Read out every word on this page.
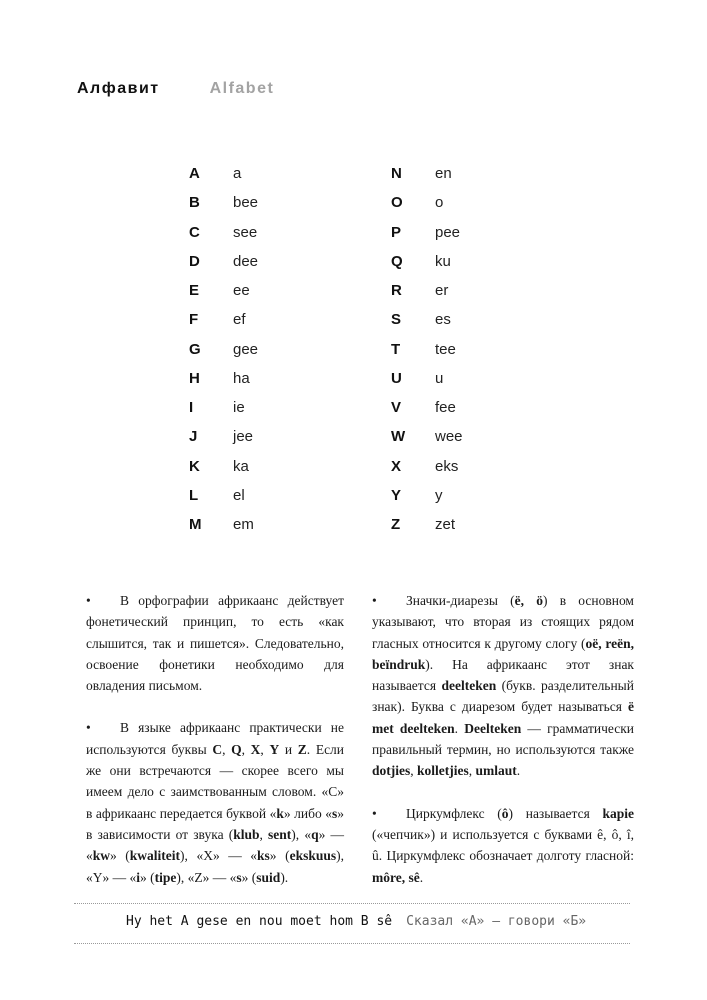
Алфавит	Alfabet
A	a
B	bee
C	see
D	dee
E	ee
F	ef
G	gee
H	ha
I	ie
J	jee
K	ka
L	el
M	em
N	en
O	o
P	pee
Q	ku
R	er
S	es
T	tee
U	u
V	fee
W	wee
X	eks
Y	y
Z	zet

• В орфографии африкаанс действует фонетический принцип, то есть «как слышится, так и пишется». Следовательно, освоение фонетики необходимо для овладения письмом.

• В языке африкаанс практически не используются буквы C, Q, X, Y и Z. Если же они встречаются — скорее всего мы имеем дело с заимствованным словом. «C» в африкаанс передается буквой «k» либо «s» в зависимости от звука (klub, sent), «q» — «kw» (kwaliteit), «X» — «ks» (ekskuus), «Y» — «i» (tipe), «Z» — «s» (suid).

• Значки-диарезы (ë, ö) в основном указывают, что вторая из стоящих рядом гласных относится к другому слогу (oë, reën, beïndruk). На африкаанс этот знак называется deelteken (букв. разделительный знак). Буква с диарезом будет называться ë met deelteken. Deelteken — грамматически правильный термин, но используются также dotjies, kolletjies, umlaut.

• Циркумфлекс (ô) называется kapie («чепчик») и используется с буквами ê, ô, î, û. Циркумфлекс обозначает долготу гласной: môre, sê.

Hy het A gese en nou moet hom B sê Сказал «А» — говори «Б»
